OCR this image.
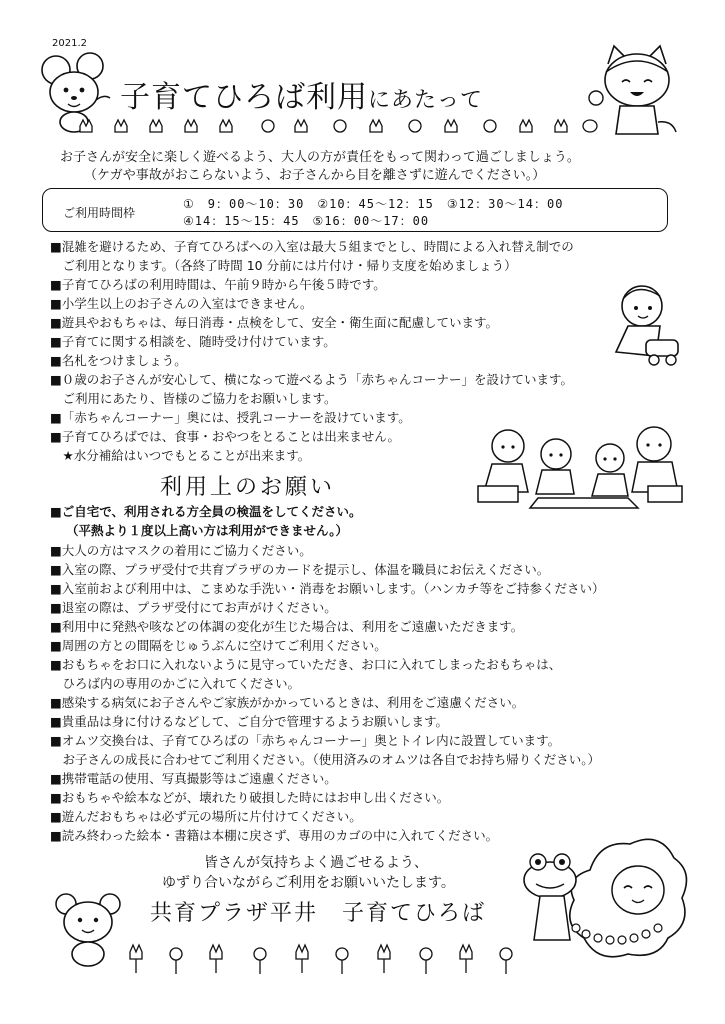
2021.2
子育てひろば利用にあたって
お子さんが安全に楽しく遊べるよう、大人の方が責任をもって関わって過ごしましょう。
（ケガや事故がおこらないよう、お子さんから目を離さずに遊んでください。）
ご利用時間枠
①　9：00～10：30　②10：45～12：15　③12：30～14：00
④14：15～15：45　⑤16：00～17：00
■混雑を避けるため、子育てひろばへの入室は最大５組までとし、時間による入れ替え制での
　ご利用となります。（各終了時間 10 分前には片付け・帰り支度を始めましょう）
■子育てひろばの利用時間は、午前９時から午後５時です。
■小学生以上のお子さんの入室はできません。
■遊具やおもちゃは、毎日消毒・点検をして、安全・衛生面に配慮しています。
■子育てに関する相談を、随時受け付けています。
■名札をつけましょう。
■０歳のお子さんが安心して、横になって遊べるよう「赤ちゃんコーナー」を設けています。
　ご利用にあたり、皆様のご協力をお願いします。
■「赤ちゃんコーナー」奥には、授乳コーナーを設けています。
■子育てひろばでは、食事・おやつをとることは出来ません。
　★水分補給はいつでもとることが出来ます。
利用上のお願い
■ご自宅で、利用される方全員の検温をしてください。
（平熱より１度以上高い方は利用ができません。）
■大人の方はマスクの着用にご協力ください。
■入室の際、プラザ受付で共育プラザのカードを提示し、体温を職員にお伝えください。
■入室前および利用中は、こまめな手洗い・消毒をお願いします。（ハンカチ等をご持参ください）
■退室の際は、プラザ受付にてお声がけください。
■利用中に発熱や咳などの体調の変化が生じた場合は、利用をご遠慮いただきます。
■周囲の方との間隔をじゅうぶんに空けてご利用ください。
■おもちゃをお口に入れないように見守っていただき、お口に入れてしまったおもちゃは、
　ひろば内の専用のかごに入れてください。
■感染する病気にお子さんやご家族がかかっているときは、利用をご遠慮ください。
■貴重品は身に付けるなどして、ご自分で管理するようお願いします。
■オムツ交換台は、子育てひろばの「赤ちゃんコーナー」奥とトイレ内に設置しています。
　お子さんの成長に合わせてご利用ください。（使用済みのオムツは各自でお持ち帰りください。）
■携帯電話の使用、写真撮影等はご遠慮ください。
■おもちゃや絵本などが、壊れたり破損した時にはお申し出ください。
■遊んだおもちゃは必ず元の場所に片付けてください。
■読み終わった絵本・書籍は本棚に戻さず、専用のカゴの中に入れてください。
皆さんが気持ちよく過ごせるよう、
ゆずり合いながらご利用をお願いいたします。
共育プラザ平井　子育てひろば
